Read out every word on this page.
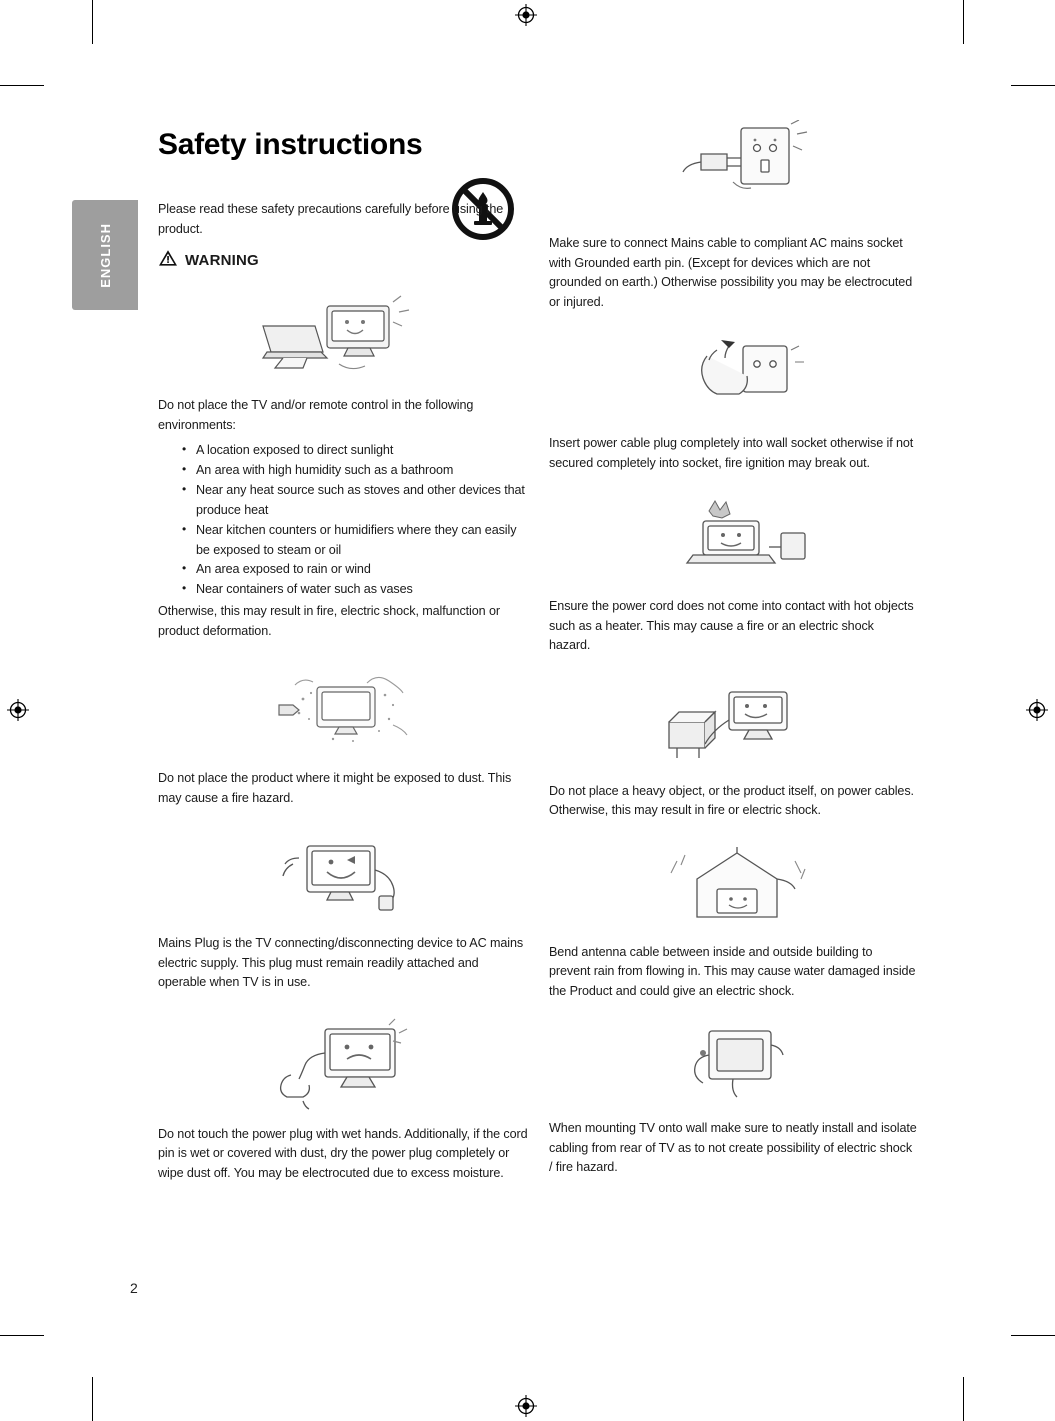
ENGLISH
Safety instructions

Please read these safety precautions carefully before using the product.

WARNING

Do not place the TV and/or remote control in the following environments:

• A location exposed to direct sunlight
• An area with high humidity such as a bathroom
• Near any heat source such as stoves and other devices that produce heat
• Near kitchen counters or humidifiers where they can easily be exposed to steam or oil
• An area exposed to rain or wind
• Near containers of water such as vases

Otherwise, this may result in fire, electric shock, malfunction or product deformation.

Do not place the product where it might be exposed to dust. This may cause a fire hazard.

Mains Plug is the TV connecting/disconnecting device to AC mains electric supply. This plug must remain readily attached and operable when TV is in use.

Do not touch the power plug with wet hands. Additionally, if the cord pin is wet or covered with dust, dry the power plug completely or wipe dust off. You may be electrocuted due to excess moisture.

Make sure to connect Mains cable to compliant AC mains socket with Grounded earth pin. (Except for devices which are not grounded on earth.) Otherwise possibility you may be electrocuted or injured.

Insert power cable plug completely into wall socket otherwise if not secured completely into socket, fire ignition may break out.

Ensure the power cord does not come into contact with hot objects such as a heater. This may cause a fire or an electric shock hazard.

Do not place a heavy object, or the product itself, on power cables. Otherwise, this may result in fire or electric shock.

Bend antenna cable between inside and outside building to prevent rain from flowing in. This may cause water damaged inside the Product and could give an electric shock.

When mounting TV onto wall make sure to neatly install and isolate cabling from rear of TV as to not create possibility of electric shock / fire hazard.

2
